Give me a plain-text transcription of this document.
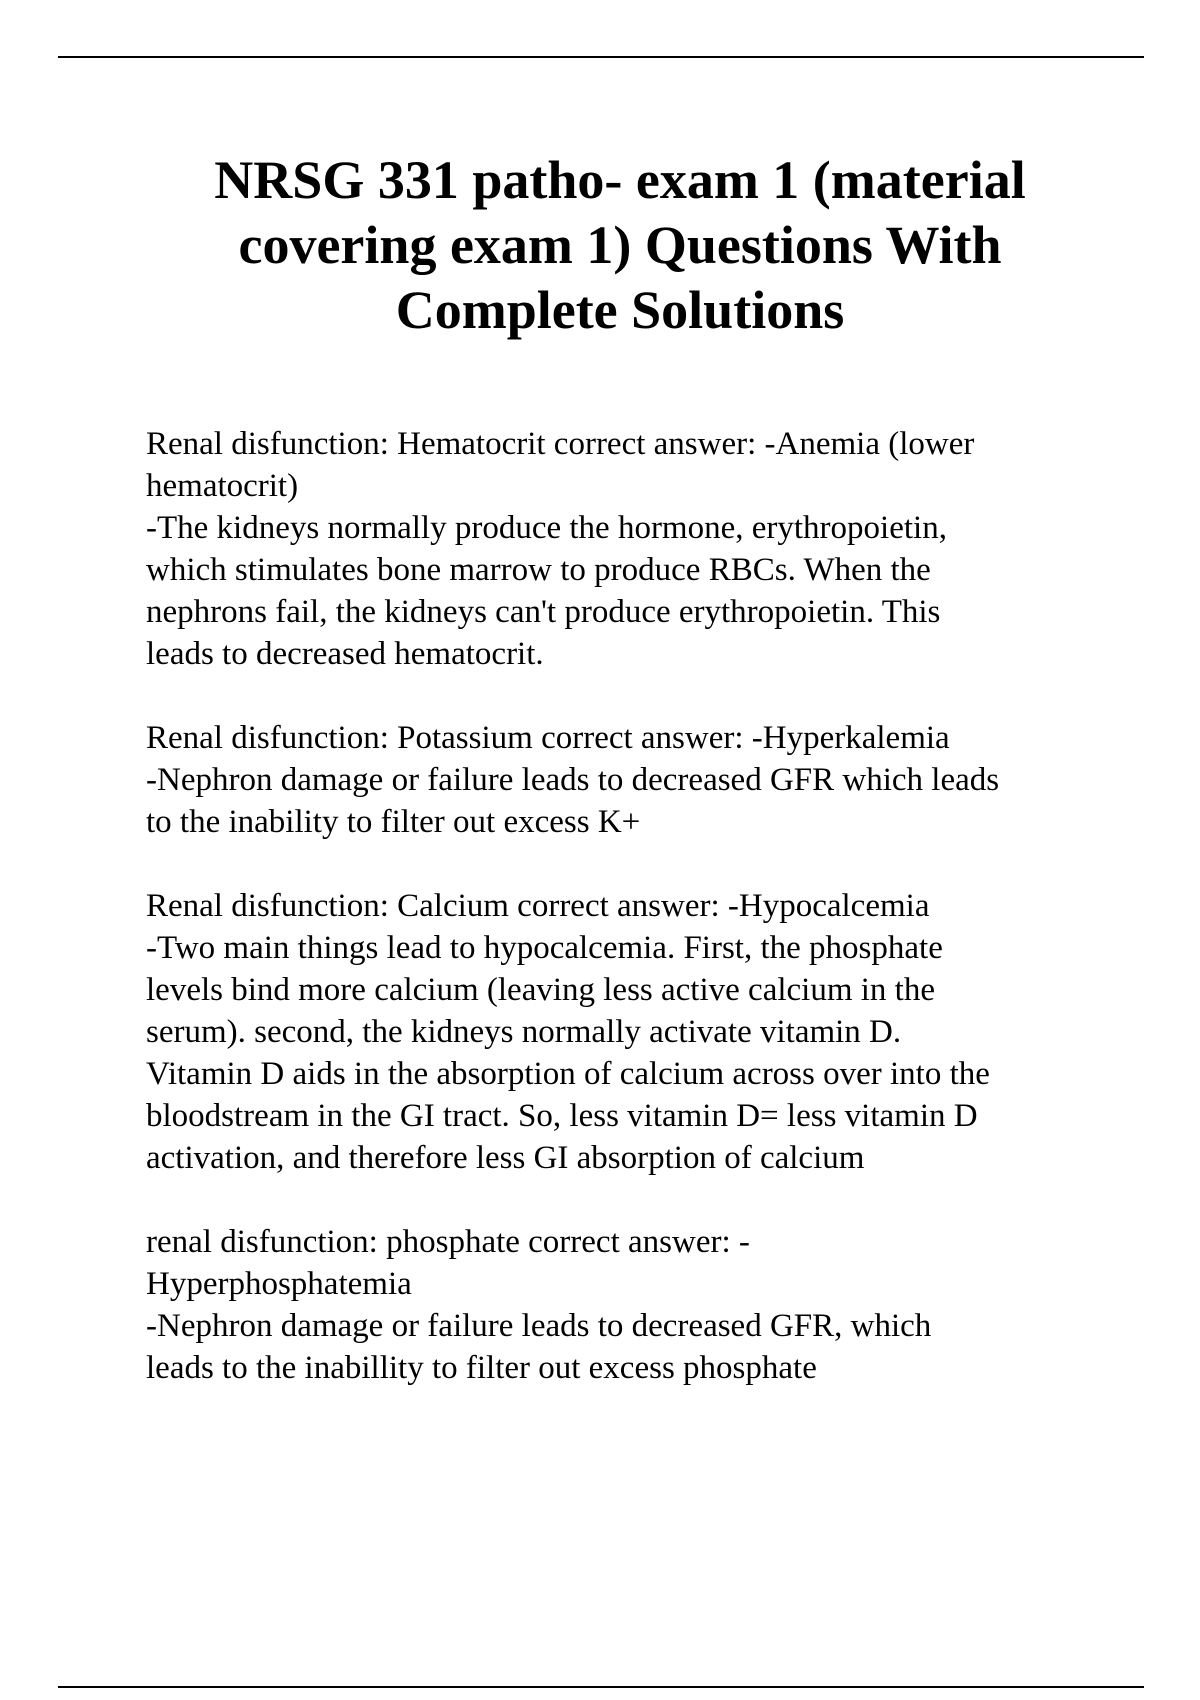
NRSG 331 patho- exam 1 (material
covering exam 1) Questions With
Complete Solutions

Renal disfunction: Hematocrit correct answer: -Anemia (lower

hematocrit)

-The kidneys normally produce the hormone, erythropoietin,

which stimulates bone marrow to produce RBCs. When the

nephrons fail, the kidneys can't produce erythropoietin. This

leads to decreased hematocrit.

Renal disfunction: Potassium correct answer: -Hyperkalemia

-Nephron damage or failure leads to decreased GFR which leads

to the inability to filter out excess K+

Renal disfunction: Calcium correct answer: -Hypocalcemia

-Two main things lead to hypocalcemia. First, the phosphate

levels bind more calcium (leaving less active calcium in the

serum). second, the kidneys normally activate vitamin D.

Vitamin D aids in the absorption of calcium across over into the

bloodstream in the GI tract. So, less vitamin D= less vitamin D

activation, and therefore less GI absorption of calcium

renal disfunction: phosphate correct answer: -

Hyperphosphatemia

-Nephron damage or failure leads to decreased GFR, which

leads to the inabillity to filter out excess phosphate
